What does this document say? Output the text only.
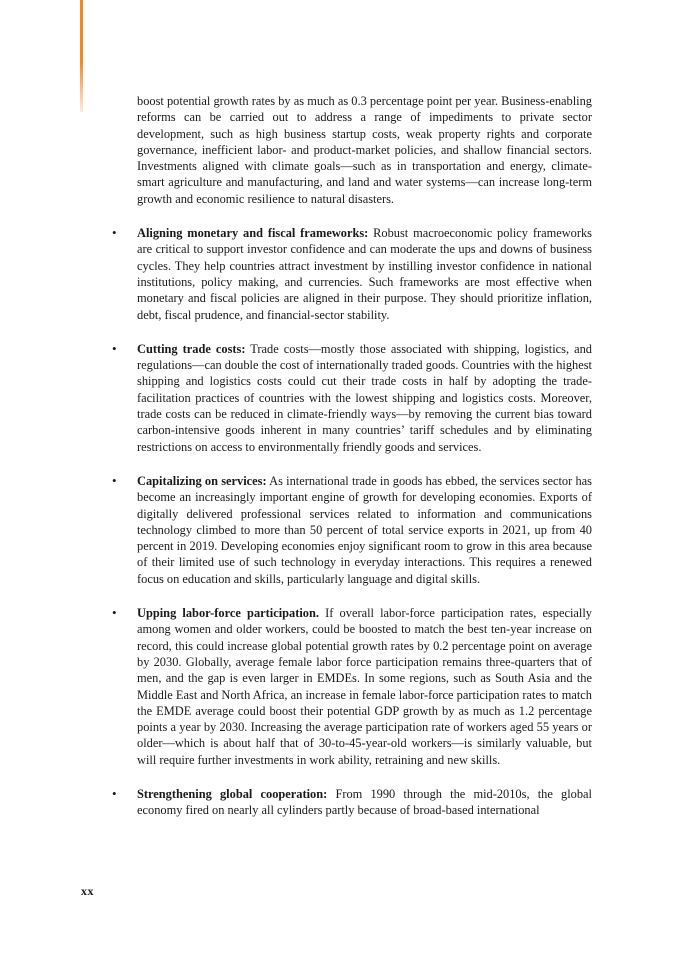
boost potential growth rates by as much as 0.3 percentage point per year. Business-enabling reforms can be carried out to address a range of impediments to private sector development, such as high business startup costs, weak property rights and corporate governance, inefficient labor- and product-market policies, and shallow financial sectors. Investments aligned with climate goals—such as in transportation and energy, climate-smart agriculture and manufacturing, and land and water systems—can increase long-term growth and economic resilience to natural disasters.

• Aligning monetary and fiscal frameworks: Robust macroeconomic policy frameworks are critical to support investor confidence and can moderate the ups and downs of business cycles. They help countries attract investment by instilling investor confidence in national institutions, policy making, and currencies. Such frameworks are most effective when monetary and fiscal policies are aligned in their purpose. They should prioritize inflation, debt, fiscal prudence, and financial-sector stability.

• Cutting trade costs: Trade costs—mostly those associated with shipping, logistics, and regulations—can double the cost of internationally traded goods. Countries with the highest shipping and logistics costs could cut their trade costs in half by adopting the trade-facilitation practices of countries with the lowest shipping and logistics costs. Moreover, trade costs can be reduced in climate-friendly ways—by removing the current bias toward carbon-intensive goods inherent in many countries’ tariff schedules and by eliminating restrictions on access to environmentally friendly goods and services.

• Capitalizing on services: As international trade in goods has ebbed, the services sector has become an increasingly important engine of growth for developing economies. Exports of digitally delivered professional services related to information and communications technology climbed to more than 50 percent of total service exports in 2021, up from 40 percent in 2019. Developing economies enjoy significant room to grow in this area because of their limited use of such technology in everyday interactions. This requires a renewed focus on education and skills, particularly language and digital skills.

• Upping labor-force participation. If overall labor-force participation rates, especially among women and older workers, could be boosted to match the best ten-year increase on record, this could increase global potential growth rates by 0.2 percentage point on average by 2030. Globally, average female labor force participation remains three-quarters that of men, and the gap is even larger in EMDEs. In some regions, such as South Asia and the Middle East and North Africa, an increase in female labor-force participation rates to match the EMDE average could boost their potential GDP growth by as much as 1.2 percentage points a year by 2030. Increasing the average participation rate of workers aged 55 years or older—which is about half that of 30-to-45-year-old workers—is similarly valuable, but will require further investments in work ability, retraining and new skills.

• Strengthening global cooperation: From 1990 through the mid-2010s, the global economy fired on nearly all cylinders partly because of broad-based international

xx
